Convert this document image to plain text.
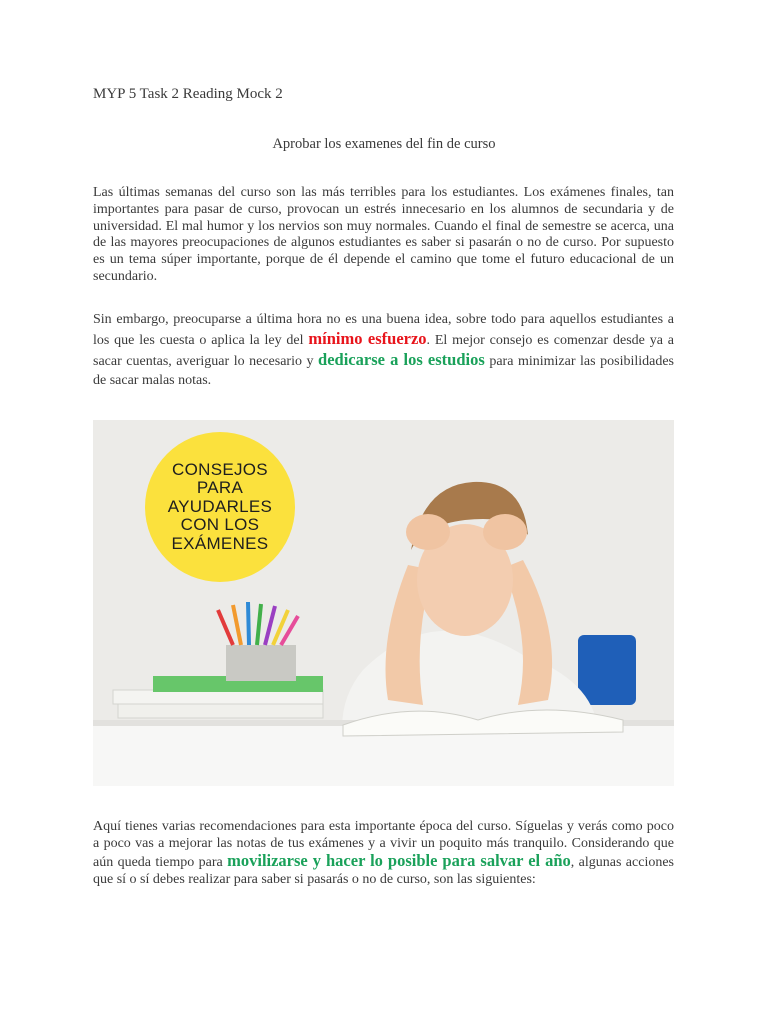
MYP 5 Task 2 Reading Mock 2
Aprobar los examenes del fin de curso

Las últimas semanas del curso son las más terribles para los estudiantes. Los exámenes finales, tan importantes para pasar de curso, provocan un estrés innecesario en los alumnos de secundaria y de universidad. El mal humor y los nervios son muy normales. Cuando el final de semestre se acerca, una de las mayores preocupaciones de algunos estudiantes es saber si pasarán o no de curso. Por supuesto es un tema súper importante, porque de él depende el camino que tome el futuro educacional de un secundario.

Sin embargo, preocuparse a última hora no es una buena idea, sobre todo para aquellos estudiantes a los que les cuesta o aplica la ley del mínimo esfuerzo. El mejor consejo es comenzar desde ya a sacar cuentas, averiguar lo necesario y dedicarse a los estudios para minimizar las posibilidades de sacar malas notas.

CONSEJOS
PARA
AYUDARLES
CON LOS
EXÁMENES

Aquí tienes varias recomendaciones para esta importante época del curso. Síguelas y verás como poco a poco vas a mejorar las notas de tus exámenes y a vivir un poquito más tranquilo. Considerando que aún queda tiempo para movilizarse y hacer lo posible para salvar el año, algunas acciones que sí o sí debes realizar para saber si pasarás o no de curso, son las siguientes:
